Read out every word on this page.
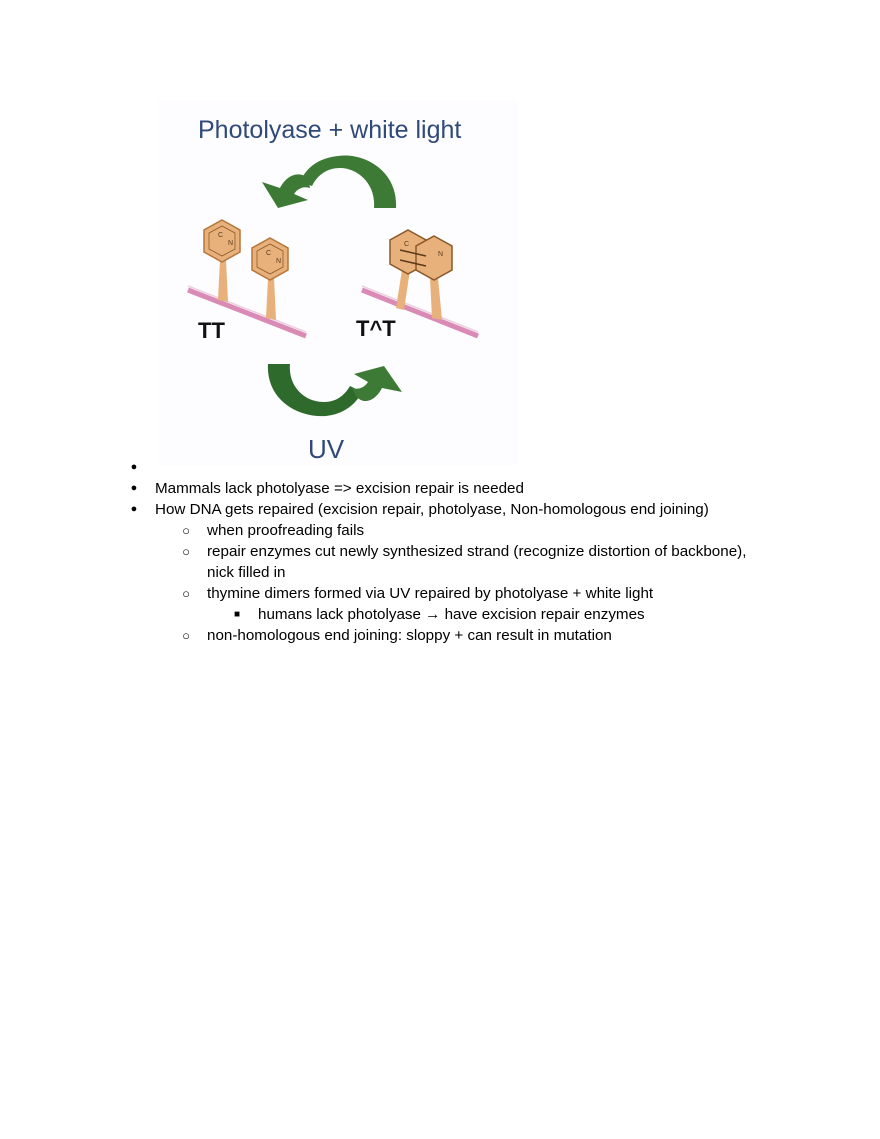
Photolyase + white light
C
N
C
N
TT
C
N
T^T
UV
●
● Mammals lack photolyase => excision repair is needed
● How DNA gets repaired (excision repair, photolyase, Non-homologous end joining)
○ when proofreading fails
○ repair enzymes cut newly synthesized strand (recognize distortion of backbone),
nick filled in
○ thymine dimers formed via UV repaired by photolyase + white light
■ humans lack photolyase → have excision repair enzymes
○ non-homologous end joining: sloppy + can result in mutation
